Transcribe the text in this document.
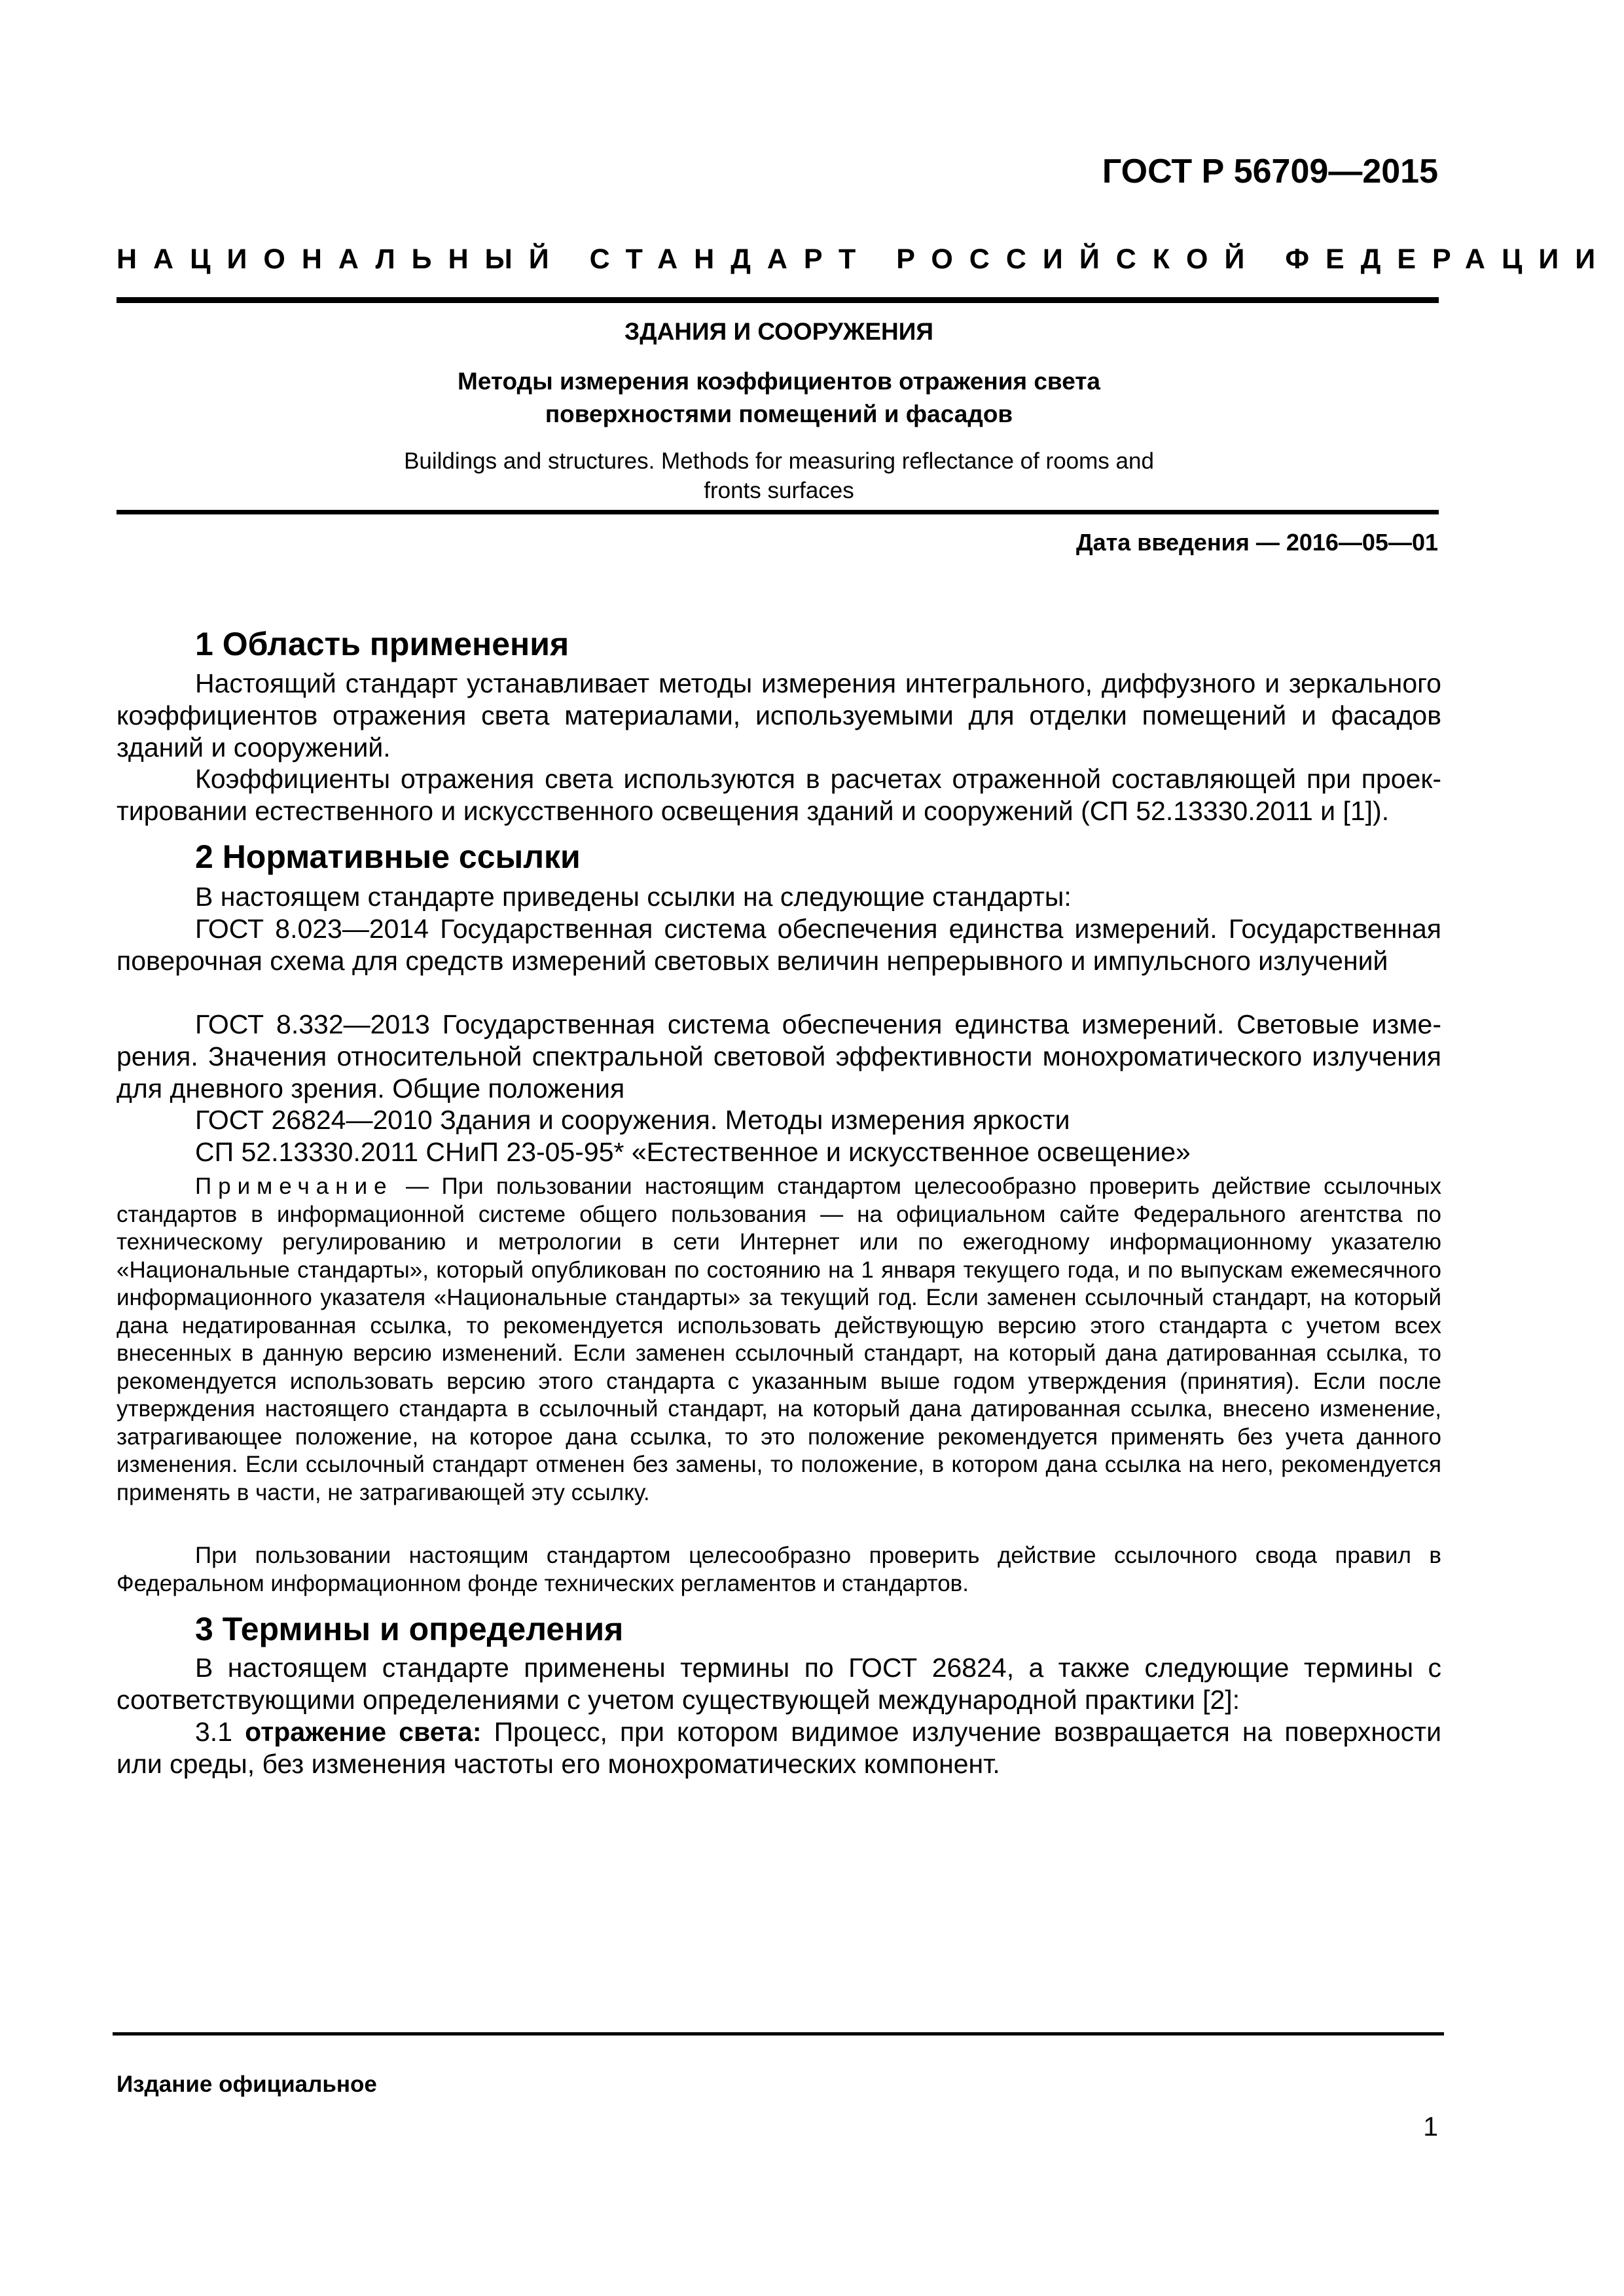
ГОСТ Р 56709—2015
НАЦИОНАЛЬНЫЙ СТАНДАРТ РОССИЙСКОЙ ФЕДЕРАЦИИ
ЗДАНИЯ И СООРУЖЕНИЯ
Методы измерения коэффициентов отражения света
поверхностями помещений и фасадов
Buildings and structures. Methods for measuring reflectance of rooms and
fronts surfaces
Дата введения — 2016—05—01
1 Область применения
Настоящий стандарт устанавливает методы измерения интегрального, диффузного и зеркального коэффициентов отражения света материалами, используемыми для отделки помещений и фасадов зданий и сооружений.
Коэффициенты отражения света используются в расчетах отраженной составляющей при проектировании естественного и искусственного освещения зданий и сооружений (СП 52.13330.2011 и [1]).
2 Нормативные ссылки
В настоящем стандарте приведены ссылки на следующие стандарты:
ГОСТ 8.023—2014 Государственная система обеспечения единства измерений. Государственная поверочная схема для средств измерений световых величин непрерывного и импульсного излучений
ГОСТ 8.332—2013 Государственная система обеспечения единства измерений. Световые измерения. Значения относительной спектральной световой эффективности монохроматического излучения для дневного зрения. Общие положения
ГОСТ 26824—2010 Здания и сооружения. Методы измерения яркости
СП 52.13330.2011 СНиП 23-05-95* «Естественное и искусственное освещение»
Примечание — При пользовании настоящим стандартом целесообразно проверить действие ссылочных стандартов в информационной системе общего пользования — на официальном сайте Федерального агентства по техническому регулированию и метрологии в сети Интернет или по ежегодному информационному указателю «Национальные стандарты», который опубликован по состоянию на 1 января текущего года, и по выпускам ежемесячного информационного указателя «Национальные стандарты» за текущий год. Если заменен ссылочный стандарт, на который дана недатированная ссылка, то рекомендуется использовать действующую версию этого стандарта с учетом всех внесенных в данную версию изменений. Если заменен ссылочный стандарт, на который дана датированная ссылка, то рекомендуется использовать версию этого стандарта с указанным выше годом утверждения (принятия). Если после утверждения настоящего стандарта в ссылочный стандарт, на который дана датированная ссылка, внесено изменение, затрагивающее положение, на которое дана ссылка, то это положение рекомендуется применять без учета данного изменения. Если ссылочный стандарт отменен без замены, то положение, в котором дана ссылка на него, рекомендуется применять в части, не затрагивающей эту ссылку.
При пользовании настоящим стандартом целесообразно проверить действие ссылочного свода правил в Федеральном информационном фонде технических регламентов и стандартов.
3 Термины и определения
В настоящем стандарте применены термины по ГОСТ 26824, а также следующие термины с соответствующими определениями с учетом существующей международной практики [2]:
3.1 отражение света: Процесс, при котором видимое излучение возвращается на поверхности или среды, без изменения частоты его монохроматических компонент.
Издание официальное
1
